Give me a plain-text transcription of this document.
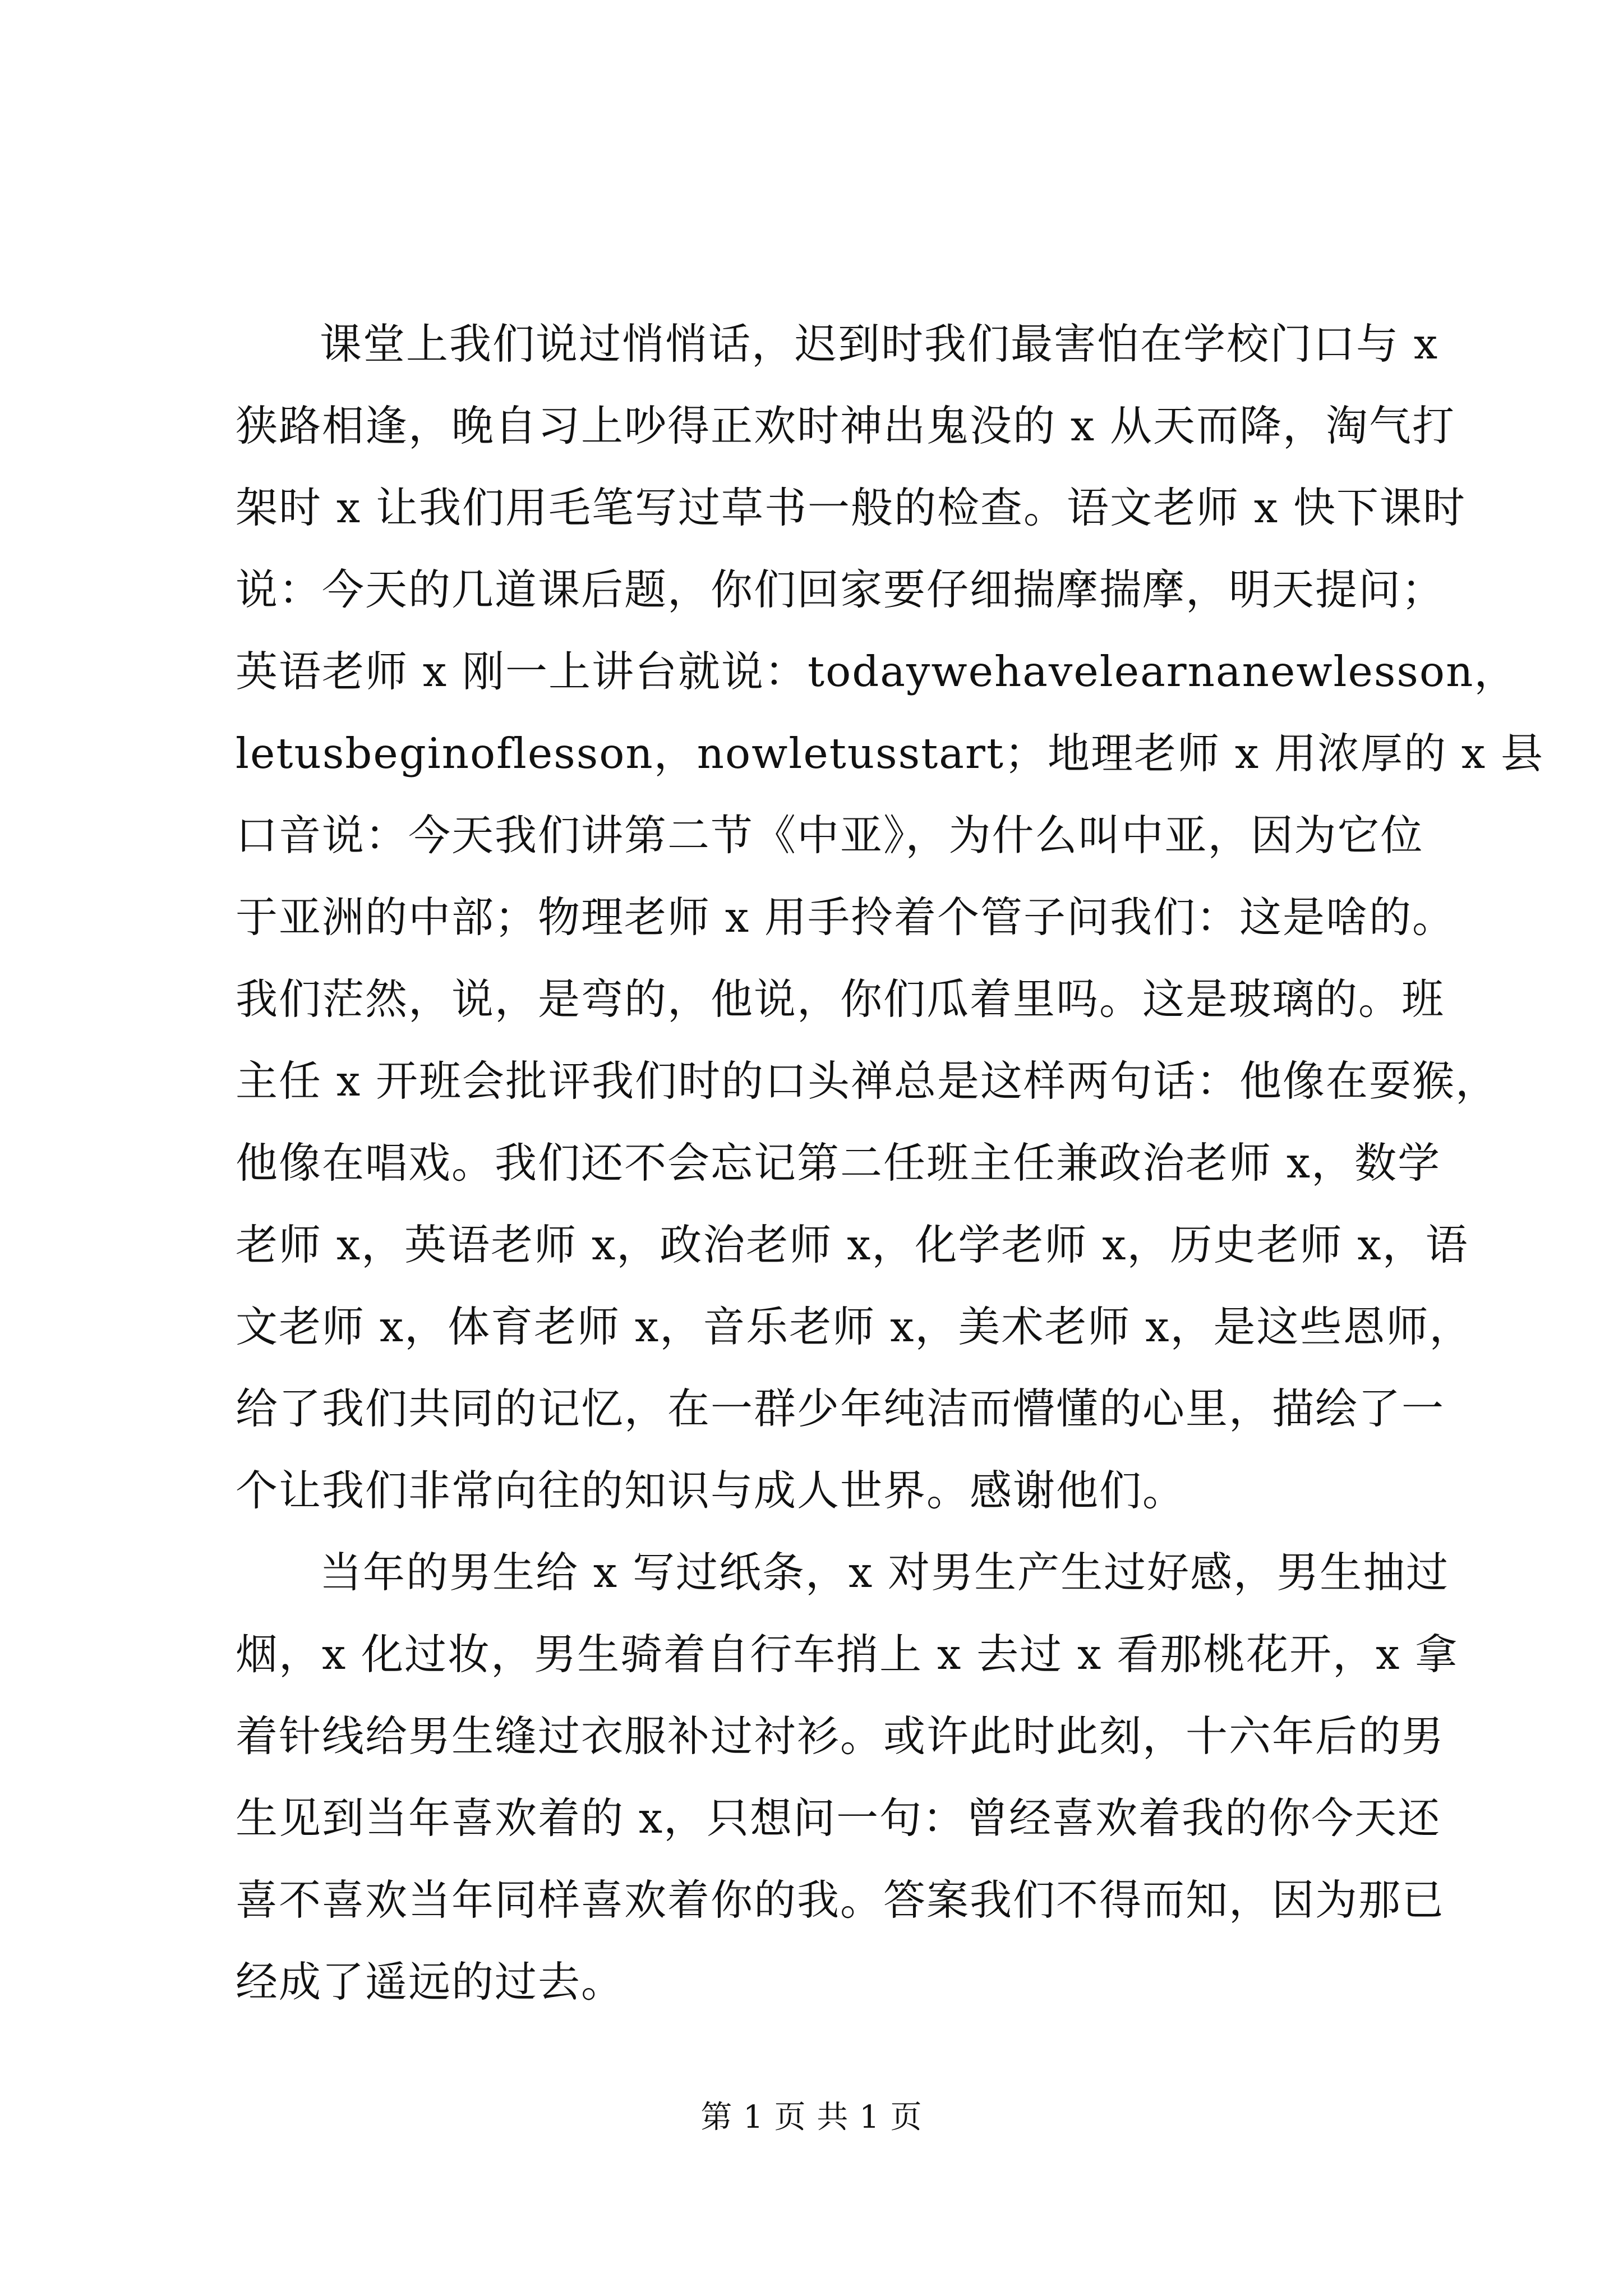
课堂上我们说过悄悄话，迟到时我们最害怕在学校门口与 x
狭路相逢，晚自习上吵得正欢时神出鬼没的 x 从天而降，淘气打
架时 x 让我们用毛笔写过草书一般的检查。语文老师 x 快下课时
说：今天的几道课后题，你们回家要仔细揣摩揣摩，明天提问；
英语老师 x 刚一上讲台就说：todaywehavelearnanewlesson，
letusbeginoflesson，nowletusstart；地理老师 x 用浓厚的 x 县
口音说：今天我们讲第二节《中亚》，为什么叫中亚，因为它位
于亚洲的中部；物理老师 x 用手拎着个管子问我们：这是啥的。
我们茫然，说，是弯的，他说，你们瓜着里吗。这是玻璃的。班
主任 x 开班会批评我们时的口头禅总是这样两句话：他像在耍猴，
他像在唱戏。我们还不会忘记第二任班主任兼政治老师 x，数学
老师 x，英语老师 x，政治老师 x，化学老师 x，历史老师 x，语
文老师 x，体育老师 x，音乐老师 x，美术老师 x，是这些恩师，
给了我们共同的记忆，在一群少年纯洁而懵懂的心里，描绘了一
个让我们非常向往的知识与成人世界。感谢他们。
当年的男生给 x 写过纸条，x 对男生产生过好感，男生抽过
烟，x 化过妆，男生骑着自行车捎上 x 去过 x 看那桃花开，x 拿
着针线给男生缝过衣服补过衬衫。或许此时此刻，十六年后的男
生见到当年喜欢着的 x，只想问一句：曾经喜欢着我的你今天还
喜不喜欢当年同样喜欢着你的我。答案我们不得而知，因为那已
经成了遥远的过去。
第 1 页 共 1 页
